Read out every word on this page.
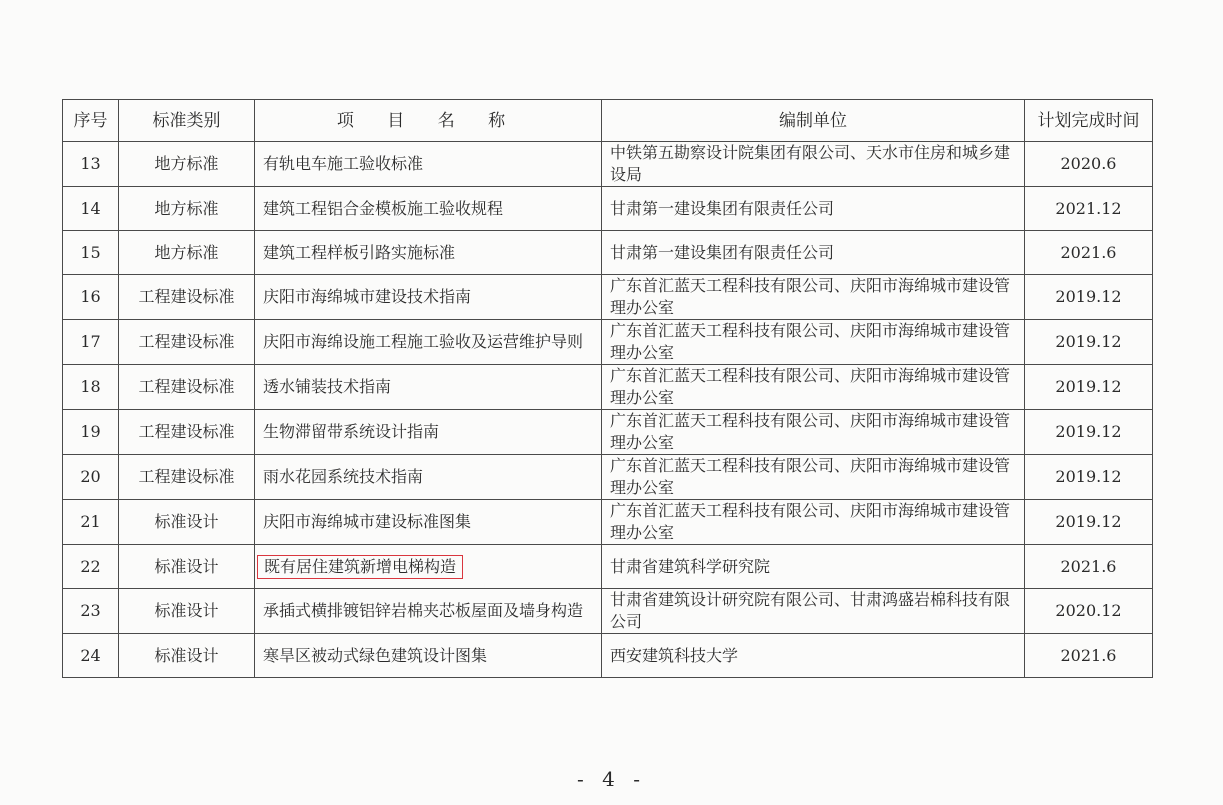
序号	标准类别	项 目 名 称	编制单位	计划完成时间
13	地方标准	有轨电车施工验收标准	中铁第五勘察设计院集团有限公司、天水市住房和城乡建设局	2020.6
14	地方标准	建筑工程铝合金模板施工验收规程	甘肃第一建设集团有限责任公司	2021.12
15	地方标准	建筑工程样板引路实施标准	甘肃第一建设集团有限责任公司	2021.6
16	工程建设标准	庆阳市海绵城市建设技术指南	广东首汇蓝天工程科技有限公司、庆阳市海绵城市建设管理办公室	2019.12
17	工程建设标准	庆阳市海绵设施工程施工验收及运营维护导则	广东首汇蓝天工程科技有限公司、庆阳市海绵城市建设管理办公室	2019.12
18	工程建设标准	透水铺装技术指南	广东首汇蓝天工程科技有限公司、庆阳市海绵城市建设管理办公室	2019.12
19	工程建设标准	生物滞留带系统设计指南	广东首汇蓝天工程科技有限公司、庆阳市海绵城市建设管理办公室	2019.12
20	工程建设标准	雨水花园系统技术指南	广东首汇蓝天工程科技有限公司、庆阳市海绵城市建设管理办公室	2019.12
21	标准设计	庆阳市海绵城市建设标准图集	广东首汇蓝天工程科技有限公司、庆阳市海绵城市建设管理办公室	2019.12
22	标准设计	既有居住建筑新增电梯构造	甘肃省建筑科学研究院	2021.6
23	标准设计	承插式横排镀铝锌岩棉夹芯板屋面及墙身构造	甘肃省建筑设计研究院有限公司、甘肃鸿盛岩棉科技有限公司	2020.12
24	标准设计	寒旱区被动式绿色建筑设计图集	西安建筑科技大学	2021.6
- 4 -
